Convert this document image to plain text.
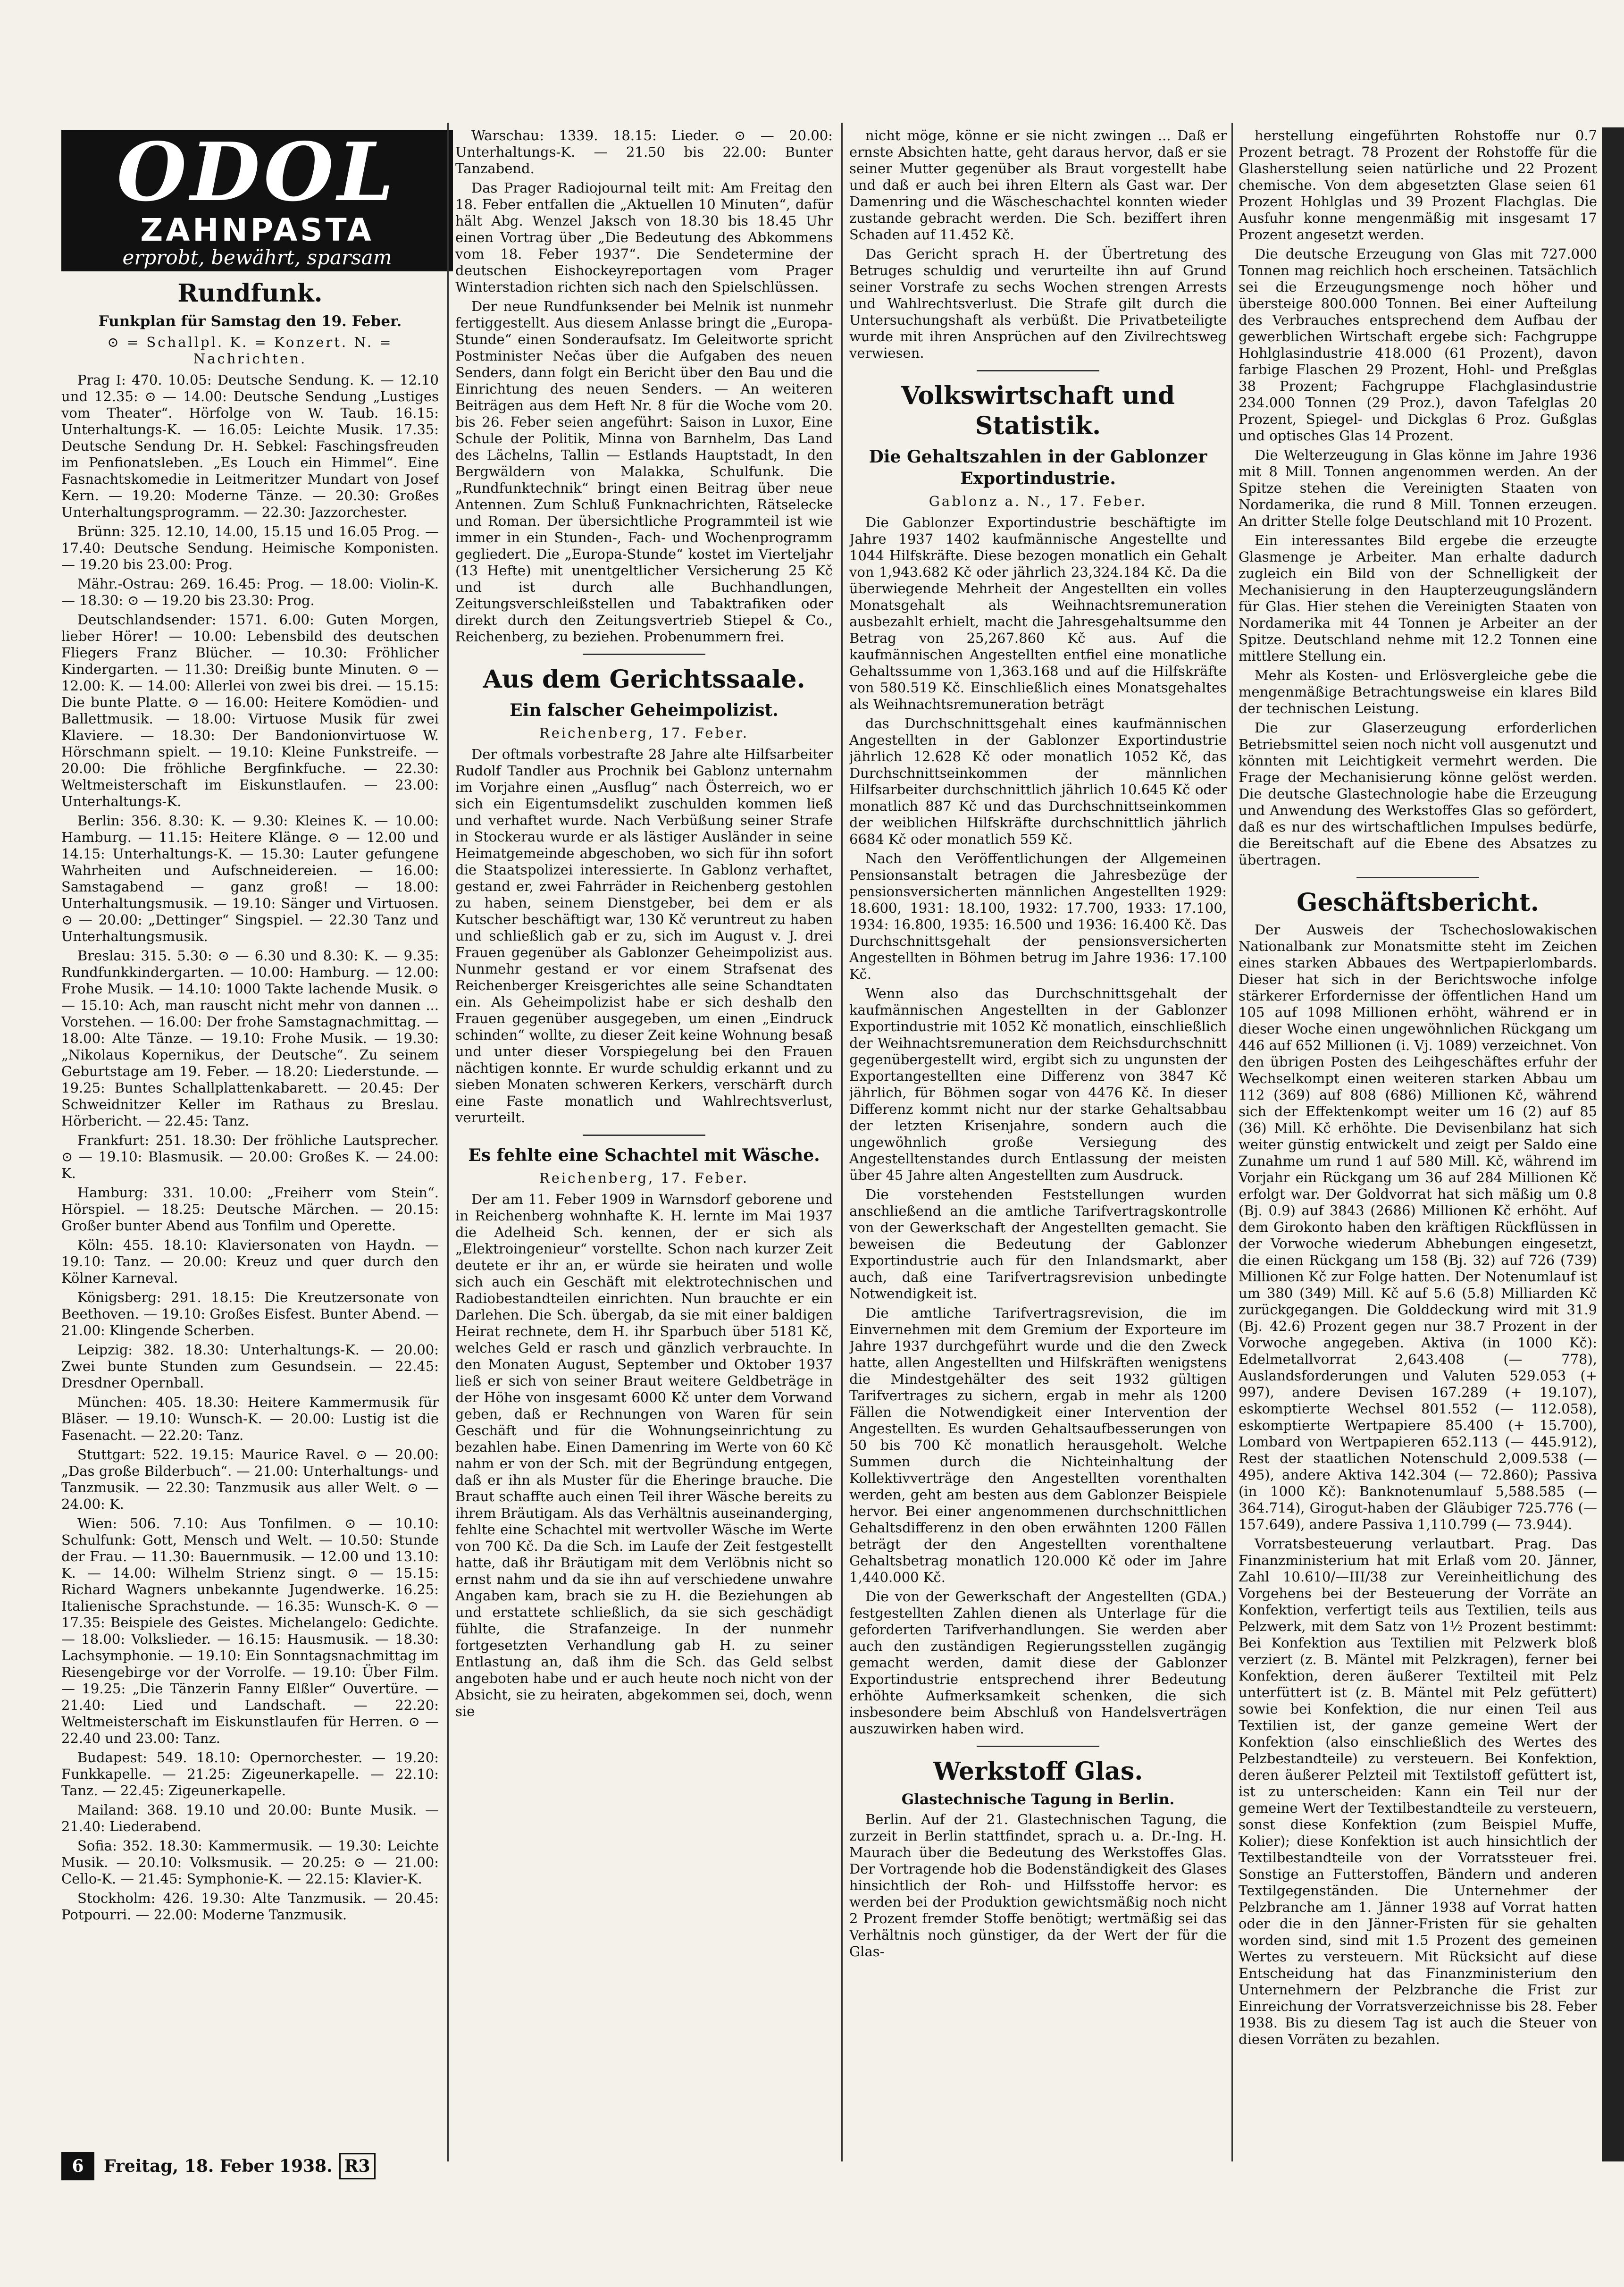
ODOL
ZAHNPASTA
erprobt, bewährt, sparsam
Rundfunk.
Funkplan für Samstag den 19. Feber.
⊙ = Schallpl. K. = Konzert. N. = Nachrichten.

Prag I: 470. 10.05: Deutsche Sendung. K. — 12.10 und 12.35: ⊙ — 14.00: Deutsche Sendung „Lustiges vom Theater“. Hörfolge von W. Taub. 16.15: Unterhaltungs-K. — 16.05: Leichte Musik. 17.35: Deutsche Sendung Dr. H. Sebkel: Faschingsfreuden im Penfionatsleben. „Es Louch ein Himmel“. Eine Fasnachtskomedie in Leitmeritzer Mundart von Josef Kern. — 19.20: Moderne Tänze. — 20.30: Großes Unterhaltungsprogramm. — 22.30: Jazzorchester.

Brünn: 325. 12.10, 14.00, 15.15 und 16.05 Prog. — 17.40: Deutsche Sendung. Heimische Komponisten. — 19.20 bis 23.00: Prog.

Mähr.-Ostrau: 269. 16.45: Prog. — 18.00: Violin-K. — 18.30: ⊙ — 19.20 bis 23.30: Prog.

Deutschlandsender: 1571. 6.00: Guten Morgen, lieber Hörer! — 10.00: Lebensbild des deutschen Fliegers Franz Blücher. — 10.30: Fröhlicher Kindergarten. — 11.30: Dreißig bunte Minuten. ⊙ — 12.00: K. — 14.00: Allerlei von zwei bis drei. — 15.15: Die bunte Platte. ⊙ — 16.00: Heitere Komödien- und Ballettmusik. — 18.00: Virtuose Musik für zwei Klaviere. — 18.30: Der Bandonionvirtuose W. Hörschmann spielt. — 19.10: Kleine Funkstreife. — 20.00: Die fröhliche Bergfinkfuche. — 22.30: Weltmeisterschaft im Eiskunstlaufen. — 23.00: Unterhaltungs-K.

Berlin: 356. 8.30: K. — 9.30: Kleines K. — 10.00: Hamburg. — 11.15: Heitere Klänge. ⊙ — 12.00 und 14.15: Unterhaltungs-K. — 15.30: Lauter gefungene Wahrheiten und Aufschneidereien. — 16.00: Samstagabend — ganz groß! — 18.00: Unterhaltungsmusik. — 19.10: Sänger und Virtuosen. ⊙ — 20.00: „Dettinger“ Singspiel. — 22.30 Tanz und Unterhaltungsmusik.

Breslau: 315. 5.30: ⊙ — 6.30 und 8.30: K. — 9.35: Rundfunkkindergarten. — 10.00: Hamburg. — 12.00: Frohe Musik. — 14.10: 1000 Takte lachende Musik. ⊙ — 15.10: Ach, man rauscht nicht mehr von dannen ... Vorstehen. — 16.00: Der frohe Samstagnachmittag. — 18.00: Alte Tänze. — 19.10: Frohe Musik. — 19.30: „Nikolaus Kopernikus, der Deutsche“. Zu seinem Geburtstage am 19. Feber. — 18.20: Liederstunde. — 19.25: Buntes Schallplattenkabarett. — 20.45: Der Schweidnitzer Keller im Rathaus zu Breslau. Hörbericht. — 22.45: Tanz.

Frankfurt: 251. 18.30: Der fröhliche Lautsprecher. ⊙ — 19.10: Blasmusik. — 20.00: Großes K. — 24.00: K.

Hamburg: 331. 10.00: „Freiherr vom Stein“. Hörspiel. — 18.25: Deutsche Märchen. — 20.15: Großer bunter Abend aus Tonfilm und Operette.

Köln: 455. 18.10: Klaviersonaten von Haydn. — 19.10: Tanz. — 20.00: Kreuz und quer durch den Kölner Karneval.

Königsberg: 291. 18.15: Die Kreutzersonate von Beethoven. — 19.10: Großes Eisfest. Bunter Abend. — 21.00: Klingende Scherben.

Leipzig: 382. 18.30: Unterhaltungs-K. — 20.00: Zwei bunte Stunden zum Gesundsein. — 22.45: Dresdner Opernball.

München: 405. 18.30: Heitere Kammermusik für Bläser. — 19.10: Wunsch-K. — 20.00: Lustig ist die Fasenacht. — 22.20: Tanz.

Stuttgart: 522. 19.15: Maurice Ravel. ⊙ — 20.00: „Das große Bilderbuch“. — 21.00: Unterhaltungs- und Tanzmusik. — 22.30: Tanzmusik aus aller Welt. ⊙ — 24.00: K.

Wien: 506. 7.10: Aus Tonfilmen. ⊙ — 10.10: Schulfunk: Gott, Mensch und Welt. — 10.50: Stunde der Frau. — 11.30: Bauernmusik. — 12.00 und 13.10: K. — 14.00: Wilhelm Strienz singt. ⊙ — 15.15: Richard Wagners unbekannte Jugendwerke. 16.25: Italienische Sprachstunde. — 16.35: Wunsch-K. ⊙ — 17.35: Beispiele des Geistes. Michelangelo: Gedichte. — 18.00: Volkslieder. — 16.15: Hausmusik. — 18.30: Lachsymphonie. — 19.10: Ein Sonntagsnachmittag im Riesengebirge vor der Vorrolfe. — 19.10: Über Film. — 19.25: „Die Tänzerin Fanny Elßler“ Ouvertüre. — 21.40: Lied und Landschaft. — 22.20: Weltmeisterschaft im Eiskunstlaufen für Herren. ⊙ — 22.40 und 23.00: Tanz.

Budapest: 549. 18.10: Opernorchester. — 19.20: Funkkapelle. — 21.25: Zigeunerkapelle. — 22.10: Tanz. — 22.45: Zigeunerkapelle.

Mailand: 368. 19.10 und 20.00: Bunte Musik. — 21.40: Liederabend.

Sofia: 352. 18.30: Kammermusik. — 19.30: Leichte Musik. — 20.10: Volksmusik. — 20.25: ⊙ — 21.00: Cello-K. — 21.45: Symphonie-K. — 22.15: Klavier-K.

Stockholm: 426. 19.30: Alte Tanzmusik. — 20.45: Potpourri. — 22.00: Moderne Tanzmusik.

Warschau: 1339. 18.15: Lieder. ⊙ — 20.00: Unterhaltungs-K. — 21.50 bis 22.00: Bunter Tanzabend.

Das Prager Radiojournal teilt mit: Am Freitag den 18. Feber entfallen die „Aktuellen 10 Minuten“, dafür hält Abg. Wenzel Jaksch von 18.30 bis 18.45 Uhr einen Vortrag über „Die Bedeutung des Abkommens vom 18. Feber 1937“. Die Sendetermine der deutschen Eishockeyreportagen vom Prager Winterstadion richten sich nach den Spielschlüssen.

Der neue Rundfunksender bei Melnik ist nunmehr fertiggestellt. Aus diesem Anlasse bringt die „Europa-Stunde“ einen Sonderaufsatz. Im Geleitworte spricht Postminister Nečas über die Aufgaben des neuen Senders, dann folgt ein Bericht über den Bau und die Einrichtung des neuen Senders. — An weiteren Beiträgen aus dem Heft Nr. 8 für die Woche vom 20. bis 26. Feber seien angeführt: Saison in Luxor, Eine Schule der Politik, Minna von Barnhelm, Das Land des Lächelns, Tallin — Estlands Hauptstadt, In den Bergwäldern von Malakka, Schulfunk. Die „Rundfunktechnik“ bringt einen Beitrag über neue Antennen. Zum Schluß Funknachrichten, Rätselecke und Roman. Der übersichtliche Programmteil ist wie immer in ein Stunden-, Fach- und Wochenprogramm gegliedert. Die „Europa-Stunde“ kostet im Vierteljahr (13 Hefte) mit unentgeltlicher Versicherung 25 Kč und ist durch alle Buchhandlungen, Zeitungsverschleißstellen und Tabaktrafiken oder direkt durch den Zeitungsvertrieb Stiepel & Co., Reichenberg, zu beziehen. Probenummern frei.

Aus dem Gerichtssaale.
Ein falscher Geheimpolizist.
Reichenberg, 17. Feber.

Der oftmals vorbestrafte 28 Jahre alte Hilfsarbeiter Rudolf Tandler aus Prochnik bei Gablonz unternahm im Vorjahre einen „Ausflug“ nach Österreich, wo er sich ein Eigentumsdelikt zuschulden kommen ließ und verhaftet wurde. Nach Verbüßung seiner Strafe in Stockerau wurde er als lästiger Ausländer in seine Heimatgemeinde abgeschoben, wo sich für ihn sofort die Staatspolizei interessierte. In Gablonz verhaftet, gestand er, zwei Fahrräder in Reichenberg gestohlen zu haben, seinem Dienstgeber, bei dem er als Kutscher beschäftigt war, 130 Kč veruntreut zu haben und schließlich gab er zu, sich im August v. J. drei Frauen gegenüber als Gablonzer Geheimpolizist aus. Nunmehr gestand er vor einem Strafsenat des Reichenberger Kreisgerichtes alle seine Schandtaten ein. Als Geheimpolizist habe er sich deshalb den Frauen gegenüber ausgegeben, um einen „Eindruck schinden“ wollte, zu dieser Zeit keine Wohnung besaß und unter dieser Vorspiegelung bei den Frauen nächtigen konnte. Er wurde schuldig erkannt und zu sieben Monaten schweren Kerkers, verschärft durch eine Faste monatlich und Wahlrechtsverlust, verurteilt.

Es fehlte eine Schachtel mit Wäsche.
Reichenberg, 17. Feber.

Der am 11. Feber 1909 in Warnsdorf geborene und in Reichenberg wohnhafte K. H. lernte im Mai 1937 die Adelheid Sch. kennen, der er sich als „Elektroingenieur“ vorstellte. Schon nach kurzer Zeit deutete er ihr an, er würde sie heiraten und wolle sich auch ein Geschäft mit elektrotechnischen und Radiobestandteilen einrichten. Nun brauchte er ein Darlehen. Die Sch. übergab, da sie mit einer baldigen Heirat rechnete, dem H. ihr Sparbuch über 5181 Kč, welches Geld er rasch und gänzlich verbrauchte. In den Monaten August, September und Oktober 1937 ließ er sich von seiner Braut weitere Geldbeträge in der Höhe von insgesamt 6000 Kč unter dem Vorwand geben, daß er Rechnungen von Waren für sein Geschäft und für die Wohnungseinrichtung zu bezahlen habe. Einen Damenring im Werte von 60 Kč nahm er von der Sch. mit der Begründung entgegen, daß er ihn als Muster für die Eheringe brauche. Die Braut schaffte auch einen Teil ihrer Wäsche bereits zu ihrem Bräutigam. Als das Verhältnis auseinanderging, fehlte eine Schachtel mit wertvoller Wäsche im Werte von 700 Kč. Da die Sch. im Laufe der Zeit festgestellt hatte, daß ihr Bräutigam mit dem Verlöbnis nicht so ernst nahm und da sie ihn auf verschiedene unwahre Angaben kam, brach sie zu H. die Beziehungen ab und erstattete schließlich, da sie sich geschädigt fühlte, die Strafanzeige. In der nunmehr fortgesetzten Verhandlung gab H. zu seiner Entlastung an, daß ihm die Sch. das Geld selbst angeboten habe und er auch heute noch nicht von der Absicht, sie zu heiraten, abgekommen sei, doch, wenn sie

nicht möge, könne er sie nicht zwingen ... Daß er ernste Absichten hatte, geht daraus hervor, daß er sie seiner Mutter gegenüber als Braut vorgestellt habe und daß er auch bei ihren Eltern als Gast war. Der Damenring und die Wäscheschachtel konnten wieder zustande gebracht werden. Die Sch. beziffert ihren Schaden auf 11.452 Kč.

Das Gericht sprach H. der Übertretung des Betruges schuldig und verurteilte ihn auf Grund seiner Vorstrafe zu sechs Wochen strengen Arrests und Wahlrechtsverlust. Die Strafe gilt durch die Untersuchungshaft als verbüßt. Die Privatbeteiligte wurde mit ihren Ansprüchen auf den Zivilrechtsweg verwiesen.

Volkswirtschaft und Statistik.
Die Gehaltszahlen in der Gablonzer Exportindustrie.
Gablonz a. N., 17. Feber.

Die Gablonzer Exportindustrie beschäftigte im Jahre 1937 1402 kaufmännische Angestellte und 1044 Hilfskräfte. Diese bezogen monatlich ein Gehalt von 1,943.682 Kč oder jährlich 23,324.184 Kč. Da die überwiegende Mehrheit der Angestellten ein volles Monatsgehalt als Weihnachtsremuneration ausbezahlt erhielt, macht die Jahresgehaltsumme den Betrag von 25,267.860 Kč aus. Auf die kaufmännischen Angestellten entfiel eine monatliche Gehaltssumme von 1,363.168 und auf die Hilfskräfte von 580.519 Kč. Einschließlich eines Monatsgehaltes als Weihnachtsremuneration beträgt

das Durchschnittsgehalt eines kaufmännischen Angestellten in der Gablonzer Exportindustrie jährlich 12.628 Kč oder monatlich 1052 Kč, das Durchschnittseinkommen der männlichen Hilfsarbeiter durchschnittlich jährlich 10.645 Kč oder monatlich 887 Kč und das Durchschnittseinkommen der weiblichen Hilfskräfte durchschnittlich jährlich 6684 Kč oder monatlich 559 Kč.

Nach den Veröffentlichungen der Allgemeinen Pensionsanstalt betragen die Jahresbezüge der pensionsversicherten männlichen Angestellten 1929: 18.600, 1931: 18.100, 1932: 17.700, 1933: 17.100, 1934: 16.800, 1935: 16.500 und 1936: 16.400 Kč. Das Durchschnittsgehalt der pensionsversicherten Angestellten in Böhmen betrug im Jahre 1936: 17.100 Kč.

Wenn also das Durchschnittsgehalt der kaufmännischen Angestellten in der Gablonzer Exportindustrie mit 1052 Kč monatlich, einschließlich der Weihnachtsremuneration dem Reichsdurchschnitt gegenübergestellt wird, ergibt sich zu ungunsten der Exportangestellten eine Differenz von 3847 Kč jährlich, für Böhmen sogar von 4476 Kč. In dieser Differenz kommt nicht nur der starke Gehaltsabbau der letzten Krisenjahre, sondern auch die ungewöhnlich große Versiegung des Angestelltenstandes durch Entlassung der meisten über 45 Jahre alten Angestellten zum Ausdruck.

Die vorstehenden Feststellungen wurden anschließend an die amtliche Tarifvertragskontrolle von der Gewerkschaft der Angestellten gemacht. Sie beweisen die Bedeutung der Gablonzer Exportindustrie auch für den Inlandsmarkt, aber auch, daß eine Tarifvertragsrevision unbedingte Notwendigkeit ist.

Die amtliche Tarifvertragsrevision, die im Einvernehmen mit dem Gremium der Exporteure im Jahre 1937 durchgeführt wurde und die den Zweck hatte, allen Angestellten und Hilfskräften wenigstens die Mindestgehälter des seit 1932 gültigen Tarifvertrages zu sichern, ergab in mehr als 1200 Fällen die Notwendigkeit einer Intervention der Angestellten. Es wurden Gehaltsaufbesserungen von 50 bis 700 Kč monatlich herausgeholt. Welche Summen durch die Nichteinhaltung der Kollektivverträge den Angestellten vorenthalten werden, geht am besten aus dem Gablonzer Beispiele hervor. Bei einer angenommenen durchschnittlichen Gehaltsdifferenz in den oben erwähnten 1200 Fällen beträgt der den Angestellten vorenthaltene Gehaltsbetrag monatlich 120.000 Kč oder im Jahre 1,440.000 Kč.

Die von der Gewerkschaft der Angestellten (GDA.) festgestellten Zahlen dienen als Unterlage für die geforderten Tarifverhandlungen. Sie werden aber auch den zuständigen Regierungsstellen zugängig gemacht werden, damit diese der Gablonzer Exportindustrie entsprechend ihrer Bedeutung erhöhte Aufmerksamkeit schenken, die sich insbesondere beim Abschluß von Handelsverträgen auszuwirken haben wird.

Werkstoff Glas.
Glastechnische Tagung in Berlin.

Berlin. Auf der 21. Glastechnischen Tagung, die zurzeit in Berlin stattfindet, sprach u. a. Dr.-Ing. H. Maurach über die Bedeutung des Werkstoffes Glas. Der Vortragende hob die Bodenständigkeit des Glases hinsichtlich der Roh- und Hilfsstoffe hervor: es werden bei der Produktion gewichtsmäßig noch nicht 2 Prozent fremder Stoffe benötigt; wertmäßig sei das Verhältnis noch günstiger, da der Wert der für die Glas-

herstellung eingeführten Rohstoffe nur 0.7 Prozent betragt. 78 Prozent der Rohstoffe für die Glasherstellung seien natürliche und 22 Prozent chemische. Von dem abgesetzten Glase seien 61 Prozent Hohlglas und 39 Prozent Flachglas. Die Ausfuhr konne mengenmäßig mit insgesamt 17 Prozent angesetzt werden.

Die deutsche Erzeugung von Glas mit 727.000 Tonnen mag reichlich hoch erscheinen. Tatsächlich sei die Erzeugungsmenge noch höher und übersteige 800.000 Tonnen. Bei einer Aufteilung des Verbrauches entsprechend dem Aufbau der gewerblichen Wirtschaft ergebe sich: Fachgruppe Hohlglasindustrie 418.000 (61 Prozent), davon farbige Flaschen 29 Prozent, Hohl- und Preßglas 38 Prozent; Fachgruppe Flachglasindustrie 234.000 Tonnen (29 Proz.), davon Tafelglas 20 Prozent, Spiegel- und Dickglas 6 Proz. Gußglas und optisches Glas 14 Prozent.

Die Welterzeugung in Glas könne im Jahre 1936 mit 8 Mill. Tonnen angenommen werden. An der Spitze stehen die Vereinigten Staaten von Nordamerika, die rund 8 Mill. Tonnen erzeugen. An dritter Stelle folge Deutschland mit 10 Prozent.

Ein interessantes Bild ergebe die erzeugte Glasmenge je Arbeiter. Man erhalte dadurch zugleich ein Bild von der Schnelligkeit der Mechanisierung in den Haupterzeugungsländern für Glas. Hier stehen die Vereinigten Staaten von Nordamerika mit 44 Tonnen je Arbeiter an der Spitze. Deutschland nehme mit 12.2 Tonnen eine mittlere Stellung ein.

Mehr als Kosten- und Erlösvergleiche gebe die mengenmäßige Betrachtungsweise ein klares Bild der technischen Leistung.

Die zur Glaserzeugung erforderlichen Betriebsmittel seien noch nicht voll ausgenutzt und könnten mit Leichtigkeit vermehrt werden. Die Frage der Mechanisierung könne gelöst werden. Die deutsche Glastechnologie habe die Erzeugung und Anwendung des Werkstoffes Glas so gefördert, daß es nur des wirtschaftlichen Impulses bedürfe, die Bereitschaft auf die Ebene des Absatzes zu übertragen.

Geschäftsbericht.

Der Ausweis der Tschechoslowakischen Nationalbank zur Monatsmitte steht im Zeichen eines starken Abbaues des Wertpapierlombards. Dieser hat sich in der Berichtswoche infolge stärkerer Erfordernisse der öffentlichen Hand um 105 auf 1098 Millionen erhöht, während er in dieser Woche einen ungewöhnlichen Rückgang um 446 auf 652 Millionen (i. Vj. 1089) verzeichnet. Von den übrigen Posten des Leihgeschäftes erfuhr der Wechselkompt einen weiteren starken Abbau um 112 (369) auf 808 (686) Millionen Kč, während sich der Effektenkompt weiter um 16 (2) auf 85 (36) Mill. Kč erhöhte. Die Devisenbilanz hat sich weiter günstig entwickelt und zeigt per Saldo eine Zunahme um rund 1 auf 580 Mill. Kč, während im Vorjahr ein Rückgang um 36 auf 284 Millionen Kč erfolgt war. Der Goldvorrat hat sich mäßig um 0.8 (Bj. 0.9) auf 3843 (2686) Millionen Kč erhöht. Auf dem Girokonto haben den kräftigen Rückflüssen in der Vorwoche wiederum Abhebungen eingesetzt, die einen Rückgang um 158 (Bj. 32) auf 726 (739) Millionen Kč zur Folge hatten. Der Notenumlauf ist um 380 (349) Mill. Kč auf 5.6 (5.8) Milliarden Kč zurückgegangen. Die Golddeckung wird mit 31.9 (Bj. 42.6) Prozent gegen nur 38.7 Prozent in der Vorwoche angegeben. Aktiva (in 1000 Kč): Edelmetallvorrat 2,643.408 (— 778), Auslandsforderungen und Valuten 529.053 (+ 997), andere Devisen 167.289 (+ 19.107), eskomptierte Wechsel 801.552 (— 112.058), eskomptierte Wertpapiere 85.400 (+ 15.700), Lombard von Wertpapieren 652.113 (— 445.912), Rest der staatlichen Notenschuld 2,009.538 (— 495), andere Aktiva 142.304 (— 72.860); Passiva (in 1000 Kč): Banknotenumlauf 5,588.585 (— 364.714), Girogut-haben der Gläubiger 725.776 (— 157.649), andere Passiva 1,110.799 (— 73.944).

Vorratsbesteuerung verlautbart. Prag. Das Finanzministerium hat mit Erlaß vom 20. Jänner, Zahl 10.610/—III/38 zur Vereinheitlichung des Vorgehens bei der Besteuerung der Vorräte an Konfektion, verfertigt teils aus Textilien, teils aus Pelzwerk, mit dem Satz von 1½ Prozent bestimmt: Bei Konfektion aus Textilien mit Pelzwerk bloß verziert (z. B. Mäntel mit Pelzkragen), ferner bei Konfektion, deren äußerer Textilteil mit Pelz unterfüttert ist (z. B. Mäntel mit Pelz gefüttert) sowie bei Konfektion, die nur einen Teil aus Textilien ist, der ganze gemeine Wert der Konfektion (also einschließlich des Wertes des Pelzbestandteile) zu versteuern. Bei Konfektion, deren äußerer Pelzteil mit Textilstoff gefüttert ist, ist zu unterscheiden: Kann ein Teil nur der gemeine Wert der Textilbestandteile zu versteuern, sonst diese Konfektion (zum Beispiel Muffe, Kolier); diese Konfektion ist auch hinsichtlich der Textilbestandteile von der Vorratssteuer frei. Sonstige an Futterstoffen, Bändern und anderen Textilgegenständen. Die Unternehmer der Pelzbranche am 1. Jänner 1938 auf Vorrat hatten oder die in den Jänner-Fristen für sie gehalten worden sind, sind mit 1.5 Prozent des gemeinen Wertes zu versteuern. Mit Rücksicht auf diese Entscheidung hat das Finanzministerium den Unternehmern der Pelzbranche die Frist zur Einreichung der Vorratsverzeichnisse bis 28. Feber 1938. Bis zu diesem Tag ist auch die Steuer von diesen Vorräten zu bezahlen.

6 Freitag, 18. Feber 1938. R3
